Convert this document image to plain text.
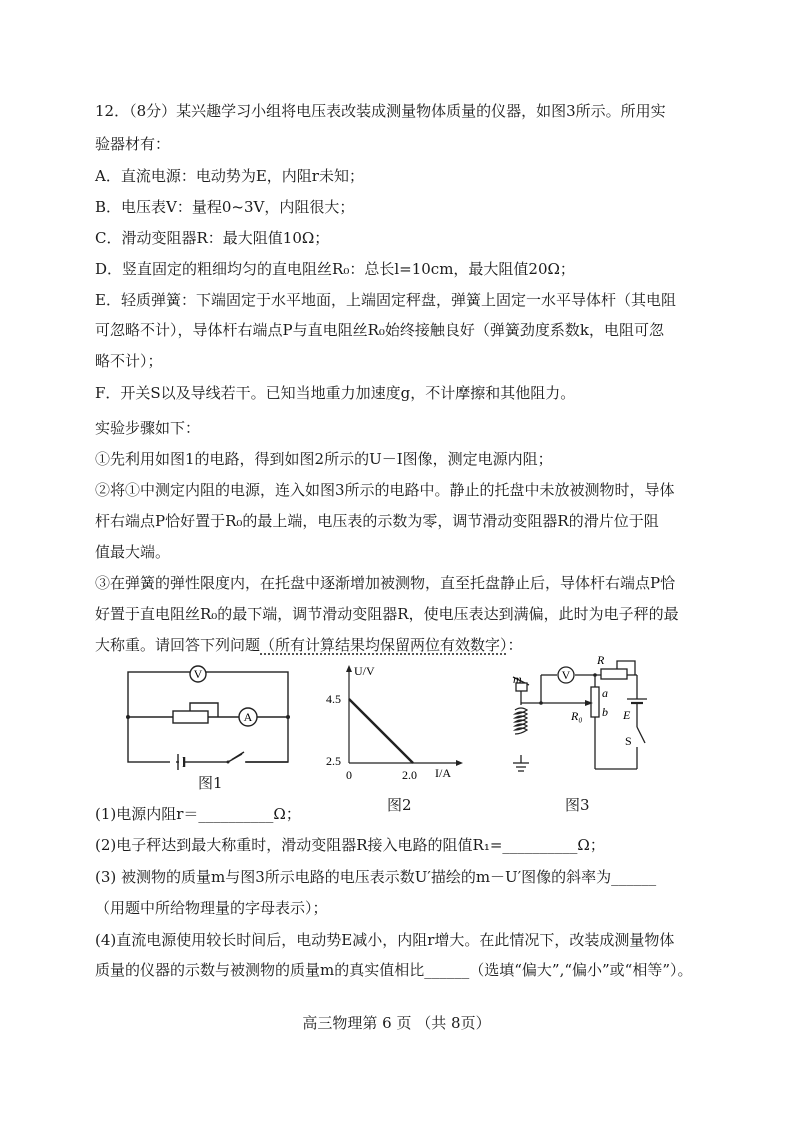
12．（8分）某兴趣学习小组将电压表改装成测量物体质量的仪器，如图3所示。所用实
验器材有：
A．直流电源：电动势为E，内阻r未知；
B．电压表V：量程0~3V，内阻很大；
C．滑动变阻器R：最大阻值10Ω；
D．竖直固定的粗细均匀的直电阻丝R₀：总长l=10cm，最大阻值20Ω；
E．轻质弹簧：下端固定于水平地面，上端固定秤盘，弹簧上固定一水平导体杆（其电阻
可忽略不计），导体杆右端点P与直电阻丝R₀始终接触良好（弹簧劲度系数k，电阻可忽
略不计）；
F．开关S以及导线若干。已知当地重力加速度g，不计摩擦和其他阻力。
实验步骤如下：
①先利用如图1的电路，得到如图2所示的U－I图像，测定电源内阻；
②将①中测定内阻的电源，连入如图3所示的电路中。静止的托盘中未放被测物时，导体
杆右端点P恰好置于R₀的最上端，电压表的示数为零，调节滑动变阻器R的滑片位于阻
值最大端。
③在弹簧的弹性限度内，在托盘中逐渐增加被测物，直至托盘静止后，导体杆右端点P恰
好置于直电阻丝R₀的最下端，调节滑动变阻器R，使电压表达到满偏，此时为电子秤的最
大称重。请回答下列问题（所有计算结果均保留两位有效数字）：
V
A
图1
U/V
4.5
2.5
0	2.0 I/A
图2
m	V
R
R₀
a
b E
S
图3
(1)电源内阻r＝__________Ω；
(2)电子秤达到最大称重时，滑动变阻器R接入电路的阻值R₁=__________Ω；
(3) 被测物的质量m与图3所示电路的电压表示数U′描绘的m－U′图像的斜率为______
（用题中所给物理量的字母表示）；
(4)直流电源使用较长时间后，电动势E减小，内阻r增大。在此情况下，改装成测量物体
质量的仪器的示数与被测物的质量m的真实值相比______（选填“偏大”,“偏小”或“相等”）。
高三物理第 6 页 （共 8页）
